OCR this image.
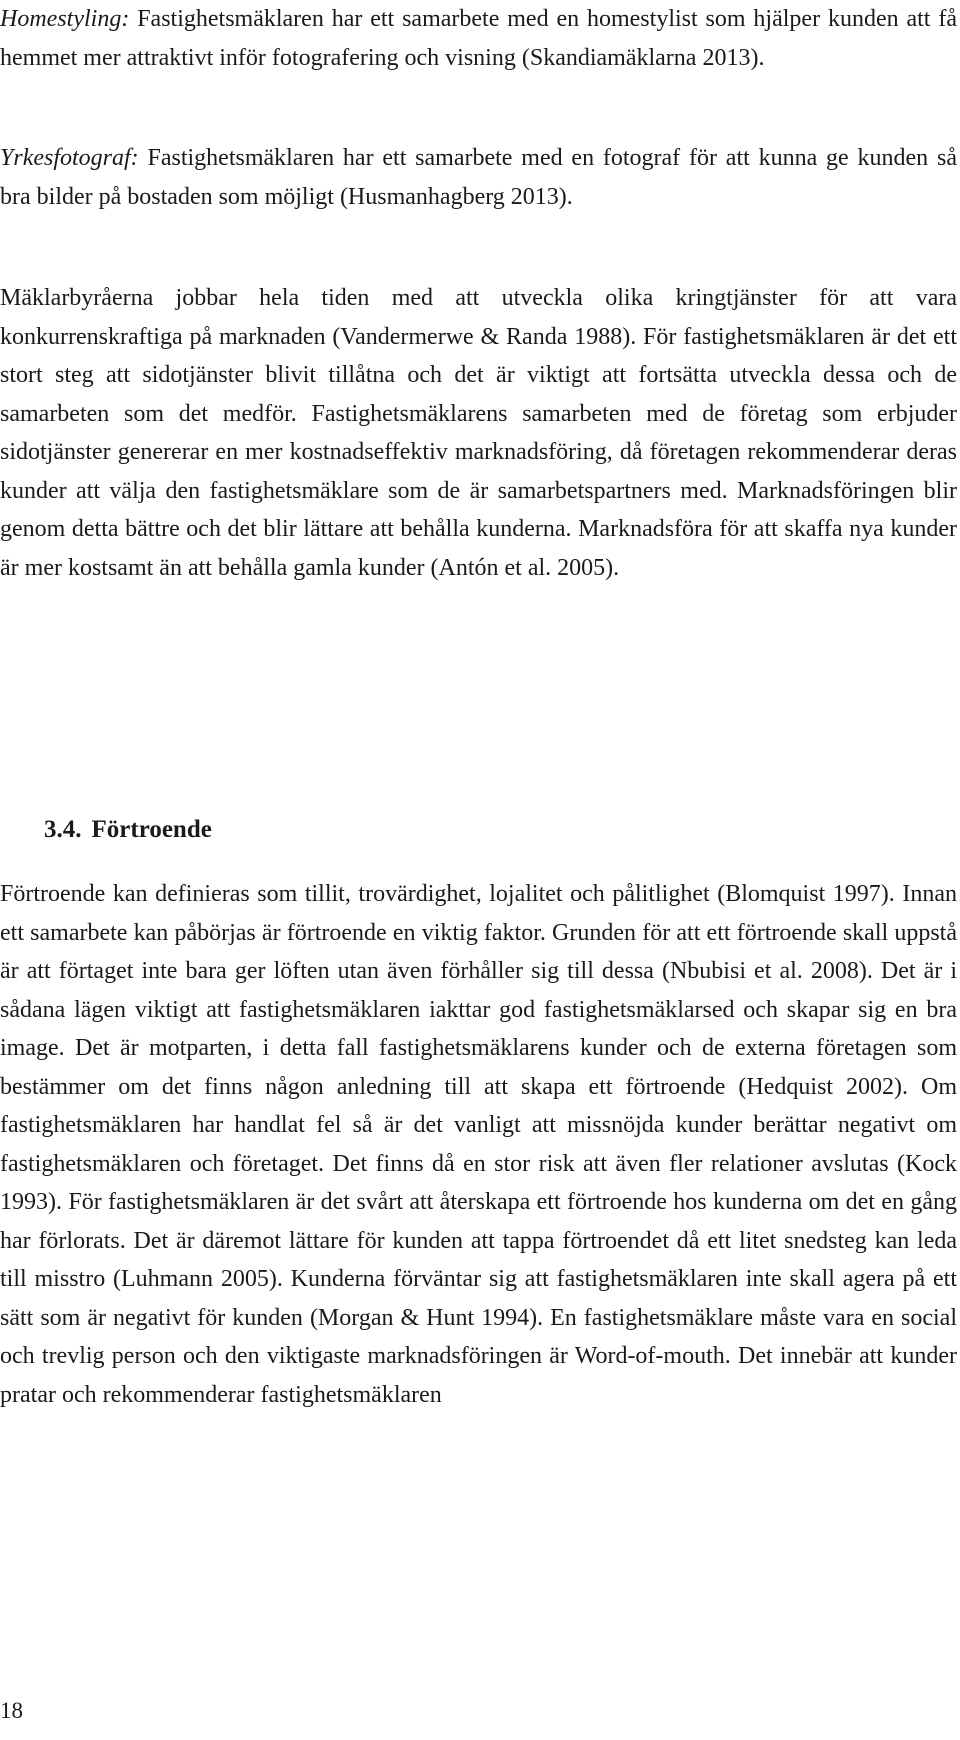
Homestyling: Fastighetsmäklaren har ett samarbete med en homestylist som hjälper kunden att få hemmet mer attraktivt inför fotografering och visning (Skandiamäklarna 2013).

Yrkesfotograf: Fastighetsmäklaren har ett samarbete med en fotograf för att kunna ge kunden så bra bilder på bostaden som möjligt (Husmanhagberg 2013).

Mäklarbyråerna jobbar hela tiden med att utveckla olika kringtjänster för att vara konkurrenskraftiga på marknaden (Vandermerwe & Randa 1988). För fastighetsmäklaren är det ett stort steg att sidotjänster blivit tillåtna och det är viktigt att fortsätta utveckla dessa och de samarbeten som det medför. Fastighetsmäklarens samarbeten med de företag som erbjuder sidotjänster genererar en mer kostnadseffektiv marknadsföring, då företagen rekommenderar deras kunder att välja den fastighetsmäklare som de är samarbetspartners med. Marknadsföringen blir genom detta bättre och det blir lättare att behålla kunderna. Marknadsföra för att skaffa nya kunder är mer kostsamt än att behålla gamla kunder (Antón et al. 2005).

3.4. Förtroende

Förtroende kan definieras som tillit, trovärdighet, lojalitet och pålitlighet (Blomquist 1997). Innan ett samarbete kan påbörjas är förtroende en viktig faktor. Grunden för att ett förtroende skall uppstå är att förtaget inte bara ger löften utan även förhåller sig till dessa (Nbubisi et al. 2008). Det är i sådana lägen viktigt att fastighetsmäklaren iakttar god fastighetsmäklarsed och skapar sig en bra image. Det är motparten, i detta fall fastighetsmäklarens kunder och de externa företagen som bestämmer om det finns någon anledning till att skapa ett förtroende (Hedquist 2002). Om fastighetsmäklaren har handlat fel så är det vanligt att missnöjda kunder berättar negativt om fastighetsmäklaren och företaget. Det finns då en stor risk att även fler relationer avslutas (Kock 1993). För fastighetsmäklaren är det svårt att återskapa ett förtroende hos kunderna om det en gång har förlorats. Det är däremot lättare för kunden att tappa förtroendet då ett litet snedsteg kan leda till misstro (Luhmann 2005). Kunderna förväntar sig att fastighetsmäklaren inte skall agera på ett sätt som är negativt för kunden (Morgan & Hunt 1994). En fastighetsmäklare måste vara en social och trevlig person och den viktigaste marknadsföringen är Word-of-mouth. Det innebär att kunder pratar och rekommenderar fastighetsmäklaren

18
